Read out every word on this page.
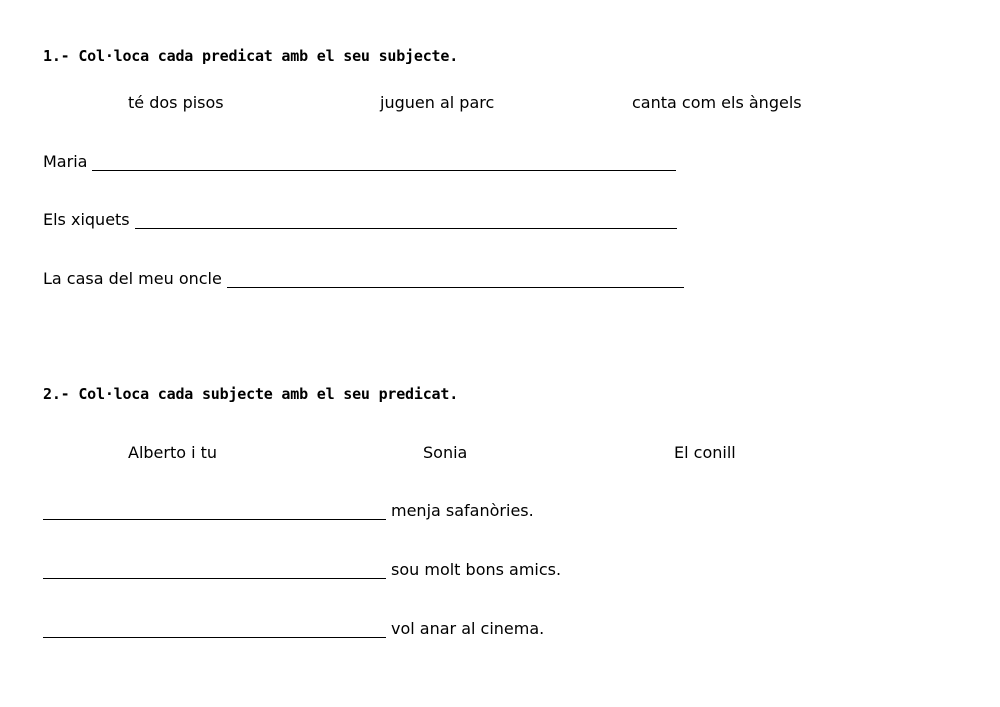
1.- Col·loca cada predicat amb el seu subjecte.
té dos pisos	juguen al parc	canta com els àngels
Maria
Els xiquets
La casa del meu oncle
2.- Col·loca cada subjecte amb el seu predicat.
Alberto i tu	Sonia	El conill
menja safanòries.
sou molt bons amics.
vol anar al cinema.
